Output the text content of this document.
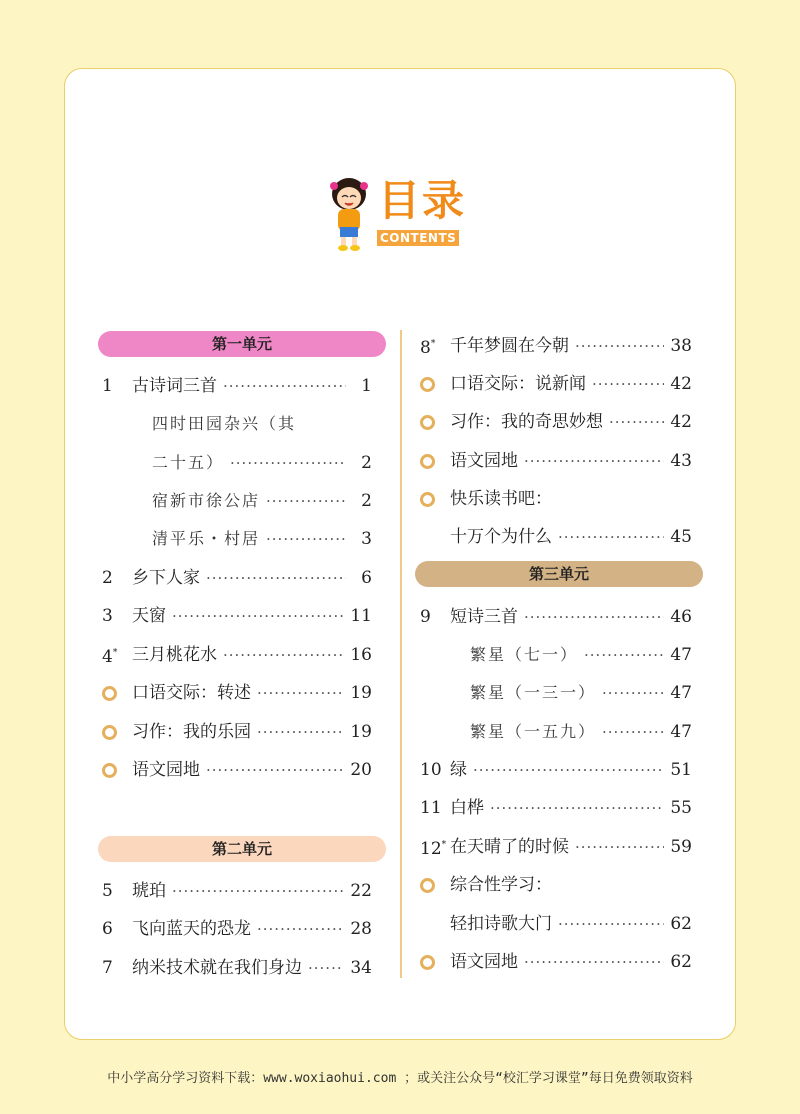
目录
CONTENTS
第一单元
第二单元
第三单元
1	古诗词三首 ·····	1
四时田园杂兴（其
二十五） ·····	2
宿新市徐公店 ·····	2
清平乐・村居 ·····	3
2	乡下人家 ·····	6
3	天窗 ·····	11
4* 三月桃花水 ·····	16
口语交际：转述 ·····	19
习作：我的乐园 ·····	19
语文园地 ·····	20
5	琥珀 ·····	22
6	飞向蓝天的恐龙 ·····	28
7	纳米技术就在我们身边 ·····	34
8* 千年梦圆在今朝 ·····	38
口语交际：说新闻 ·····	42
习作：我的奇思妙想 ·····	42
语文园地 ·····	43
快乐读书吧：
十万个为什么 ·····	45
9	短诗三首 ·····	46
繁星（七一） ·····	47
繁星（一三一） ·····	47
繁星（一五九） ·····	47
10 绿 ·····	51
11 白桦 ·····	55
12* 在天晴了的时候 ·····	59
综合性学习：
轻扣诗歌大门 ·····	62
语文园地 ·····	62
中小学高分学习资料下载：www.woxiaohui.com ；或关注公众号“校汇学习课堂”每日免费领取资料
